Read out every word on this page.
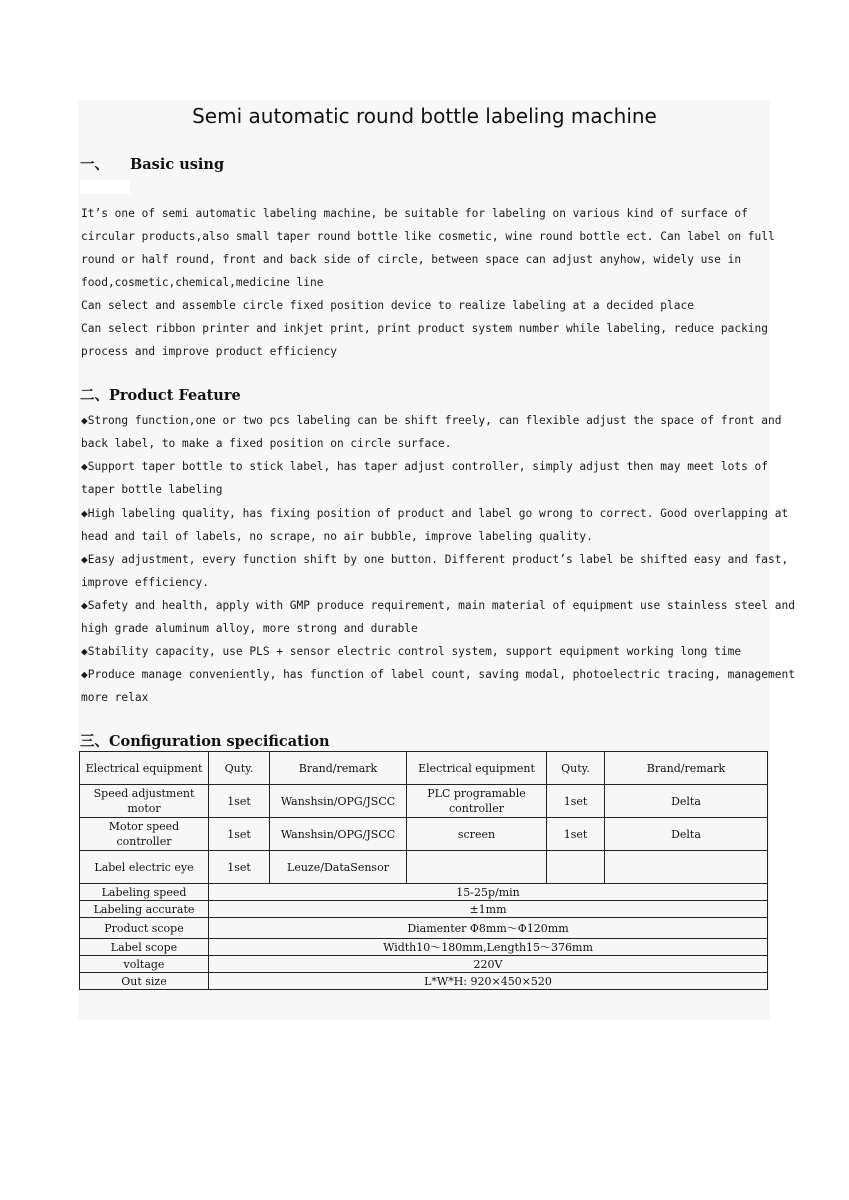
Semi automatic round bottle labeling machine
一、 Basic using
It’s one of semi automatic labeling machine, be suitable for labeling on various kind of surface of
circular products,also small taper round bottle like cosmetic, wine round bottle ect. Can label on full
round or half round, front and back side of circle, between space can adjust anyhow, widely use in
food,cosmetic,chemical,medicine line
Can select and assemble circle fixed position device to realize labeling at a decided place
Can select ribbon printer and inkjet print, print product system number while labeling, reduce packing
process and improve product efficiency
二、Product Feature
◆Strong function,one or two pcs labeling can be shift freely, can flexible adjust the space of front and
back label, to make a fixed position on circle surface.
◆Support taper bottle to stick label, has taper adjust controller, simply adjust then may meet lots of
taper bottle labeling
◆High labeling quality, has fixing position of product and label go wrong to correct. Good overlapping at
head and tail of labels, no scrape, no air bubble, improve labeling quality.
◆Easy adjustment, every function shift by one button. Different product’s label be shifted easy and fast,
improve efficiency.
◆Safety and health, apply with GMP produce requirement, main material of equipment use stainless steel and
high grade aluminum alloy, more strong and durable
◆Stability capacity, use PLS + sensor electric control system, support equipment working long time
◆Produce manage conveniently, has function of label count, saving modal, photoelectric tracing, management
more relax
三、Configuration specification
Electrical equipment	Quty.	Brand/remark	Electrical equipment	Quty.	Brand/remark
Speed adjustment motor	1set	Wanshsin/OPG/JSCC	PLC programable controller	1set	Delta
Motor speed controller	1set	Wanshsin/OPG/JSCC	screen	1set	Delta
Label electric eye	1set	Leuze/DataSensor			
Labeling speed	15-25p/min				
Labeling accurate	±1mm				
Product scope	Diamenter Φ8mm～Φ120mm				
Label scope	Width10～180mm,Length15～376mm				
voltage	220V				
Out size	L*W*H: 920×450×520				
